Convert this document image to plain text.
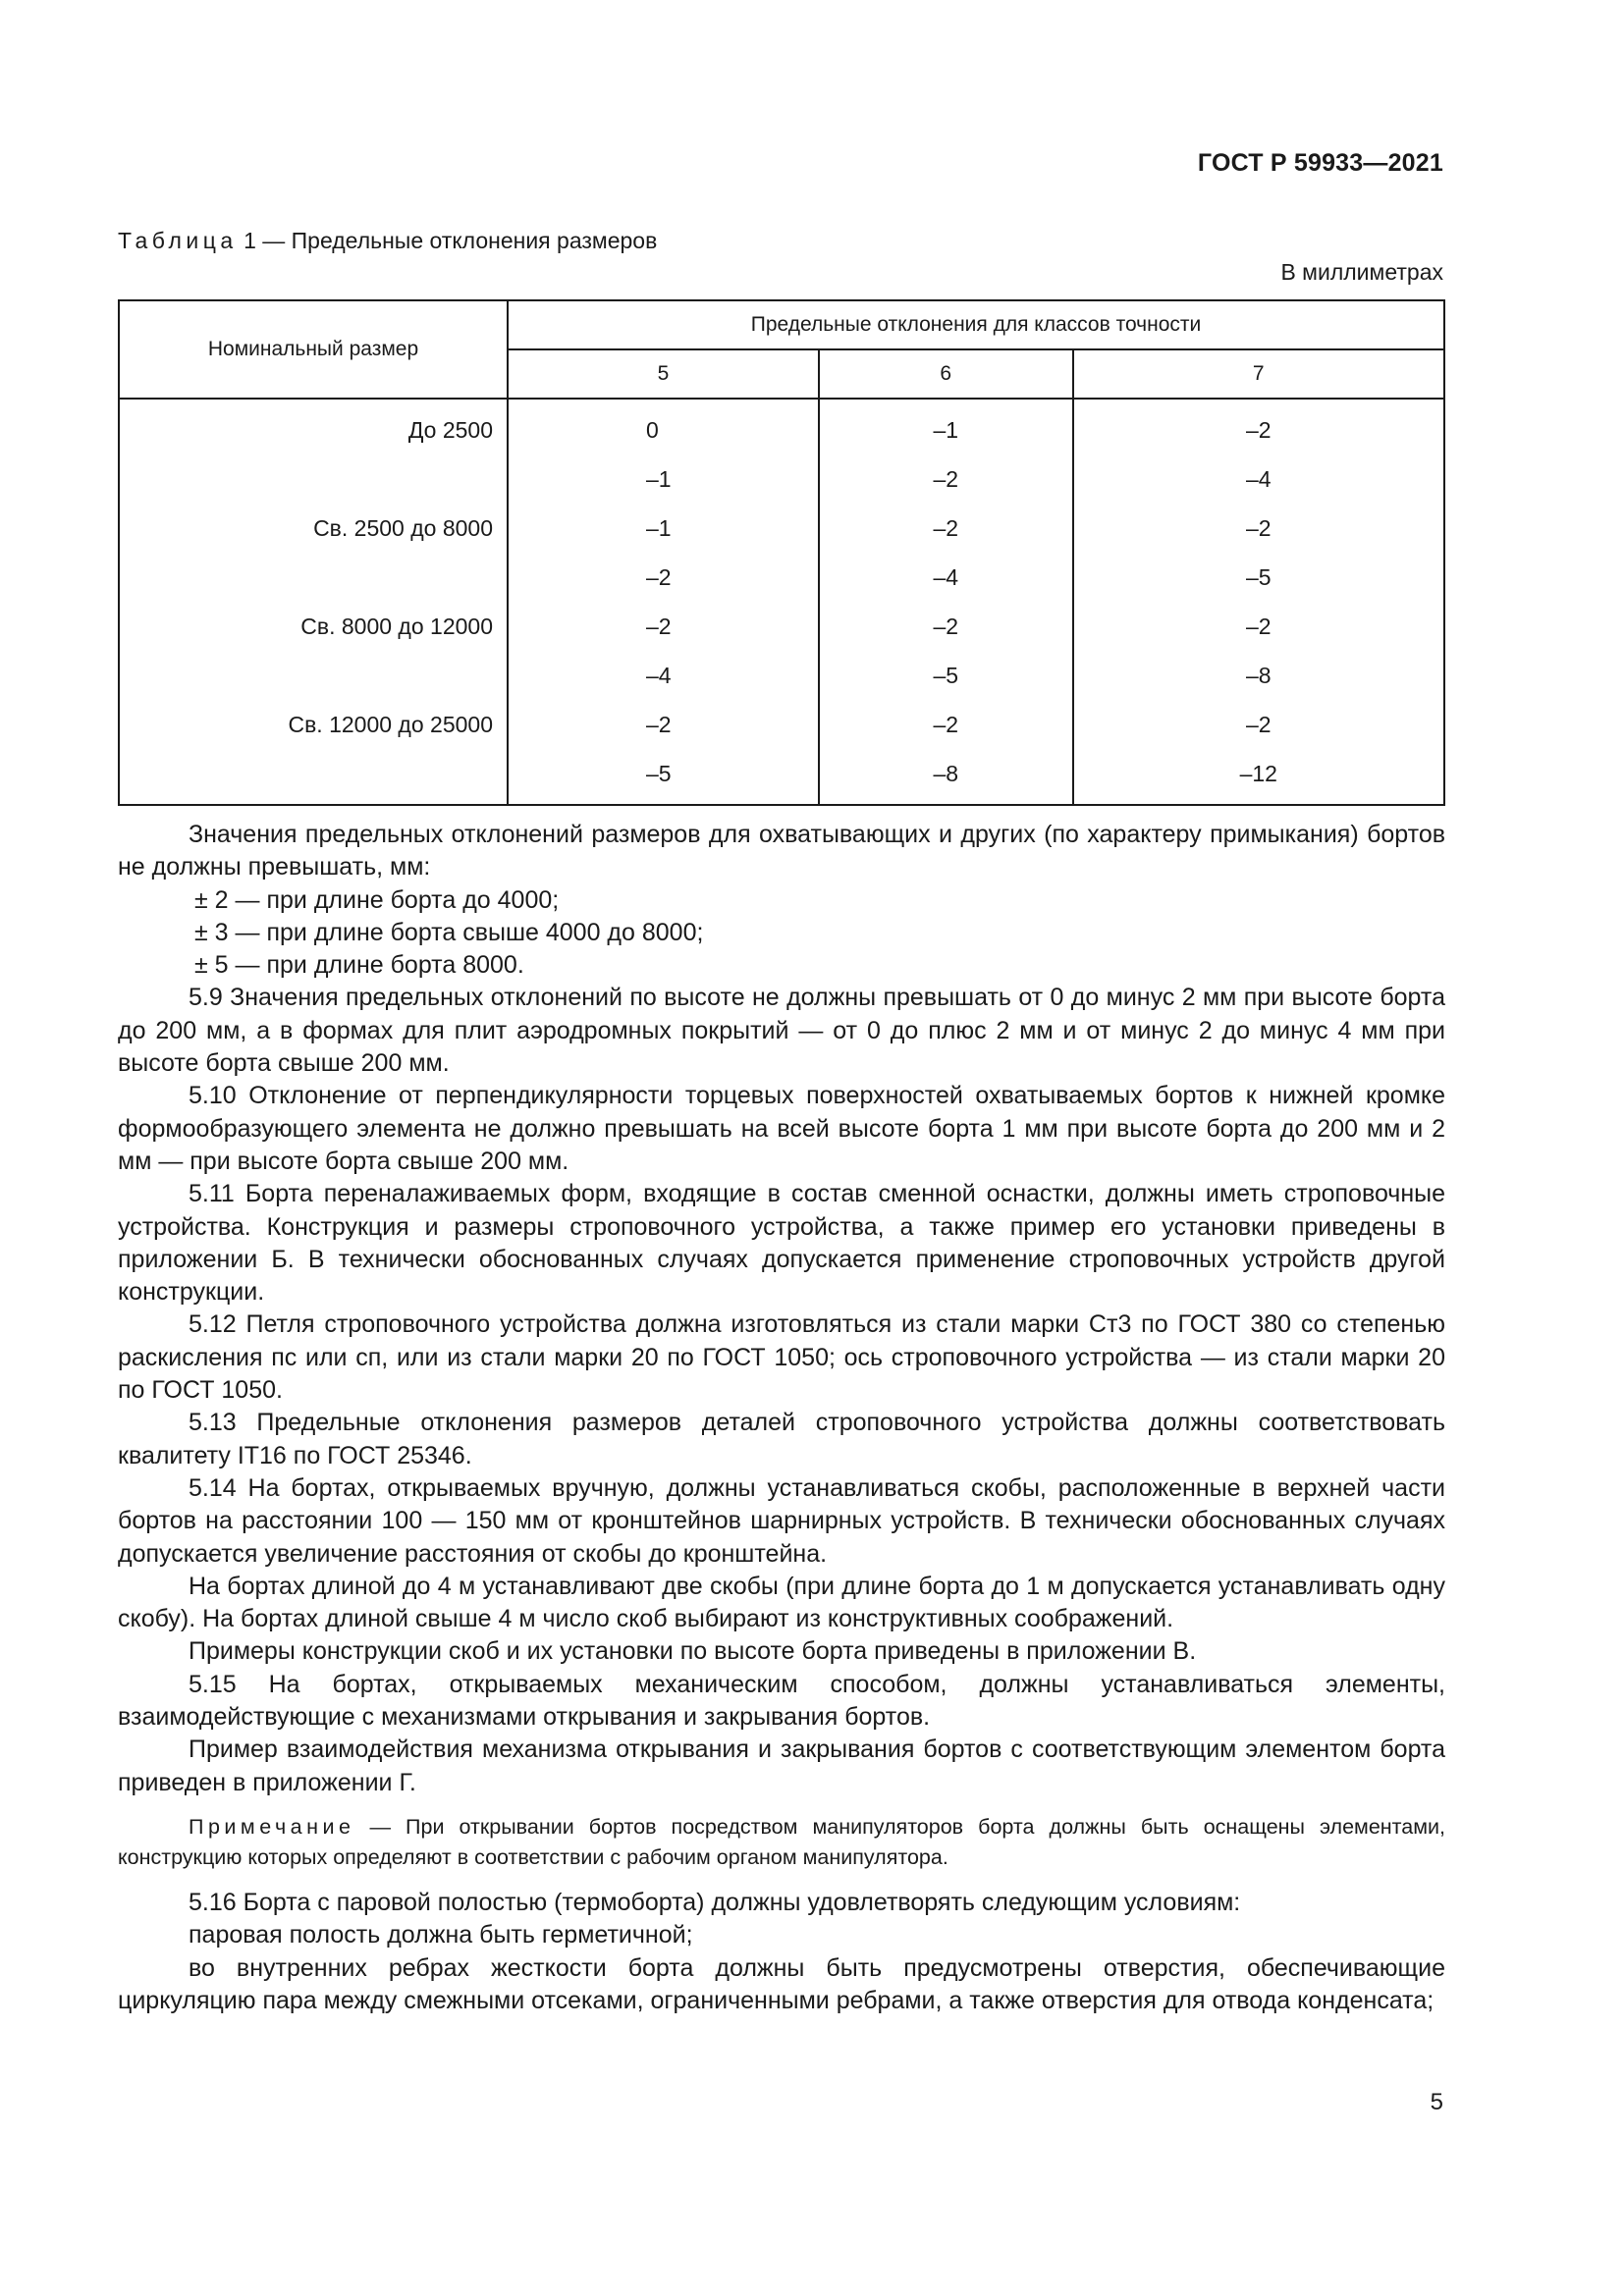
ГОСТ Р 59933—2021
Таблица 1 — Предельные отклонения размеров
В миллиметрах
Номинальный размер	Предельные отклонения для классов точности		
	5	6	7
До 2500	0	–1	–2
	–1	–2	–4
Св. 2500 до 8000	–1	–2	–2
	–2	–4	–5
Св. 8000 до 12000	–2	–2	–2
	–4	–5	–8
Св. 12000 до 25000	–2	–2	–2
	–5	–8	–12

Значения предельных отклонений размеров для охватывающих и других (по характеру примыкания) бортов не должны превышать, мм:

± 2 — при длине борта до 4000;

± 3 — при длине борта свыше 4000 до 8000;

± 5 — при длине борта 8000.

5.9 Значения предельных отклонений по высоте не должны превышать от 0 до минус 2 мм при высоте борта до 200 мм, а в формах для плит аэродромных покрытий — от 0 до плюс 2 мм и от минус 2 до минус 4 мм при высоте борта свыше 200 мм.

5.10 Отклонение от перпендикулярности торцевых поверхностей охватываемых бортов к нижней кромке формообразующего элемента не должно превышать на всей высоте борта 1 мм при высоте борта до 200 мм и 2 мм — при высоте борта свыше 200 мм.

5.11 Борта переналаживаемых форм, входящие в состав сменной оснастки, должны иметь строповочные устройства. Конструкция и размеры строповочного устройства, а также пример его установки приведены в приложении Б. В технически обоснованных случаях допускается применение строповочных устройств другой конструкции.

5.12 Петля строповочного устройства должна изготовляться из стали марки Ст3 по ГОСТ 380 со степенью раскисления пс или сп, или из стали марки 20 по ГОСТ 1050; ось строповочного устройства — из стали марки 20 по ГОСТ 1050.

5.13 Предельные отклонения размеров деталей строповочного устройства должны соответствовать квалитету IT16 по ГОСТ 25346.

5.14 На бортах, открываемых вручную, должны устанавливаться скобы, расположенные в верхней части бортов на расстоянии 100 — 150 мм от кронштейнов шарнирных устройств. В технически обоснованных случаях допускается увеличение расстояния от скобы до кронштейна.

На бортах длиной до 4 м устанавливают две скобы (при длине борта до 1 м допускается устанавливать одну скобу). На бортах длиной свыше 4 м число скоб выбирают из конструктивных соображений.

Примеры конструкции скоб и их установки по высоте борта приведены в приложении В.

5.15 На бортах, открываемых механическим способом, должны устанавливаться элементы, взаимодействующие с механизмами открывания и закрывания бортов.

Пример взаимодействия механизма открывания и закрывания бортов с соответствующим элементом борта приведен в приложении Г.

Примечание — При открывании бортов посредством манипуляторов борта должны быть оснащены элементами, конструкцию которых определяют в соответствии с рабочим органом манипулятора.

5.16 Борта с паровой полостью (термоборта) должны удовлетворять следующим условиям:

паровая полость должна быть герметичной;

во внутренних ребрах жесткости борта должны быть предусмотрены отверстия, обеспечивающие циркуляцию пара между смежными отсеками, ограниченными ребрами, а также отверстия для отвода конденсата;

5
